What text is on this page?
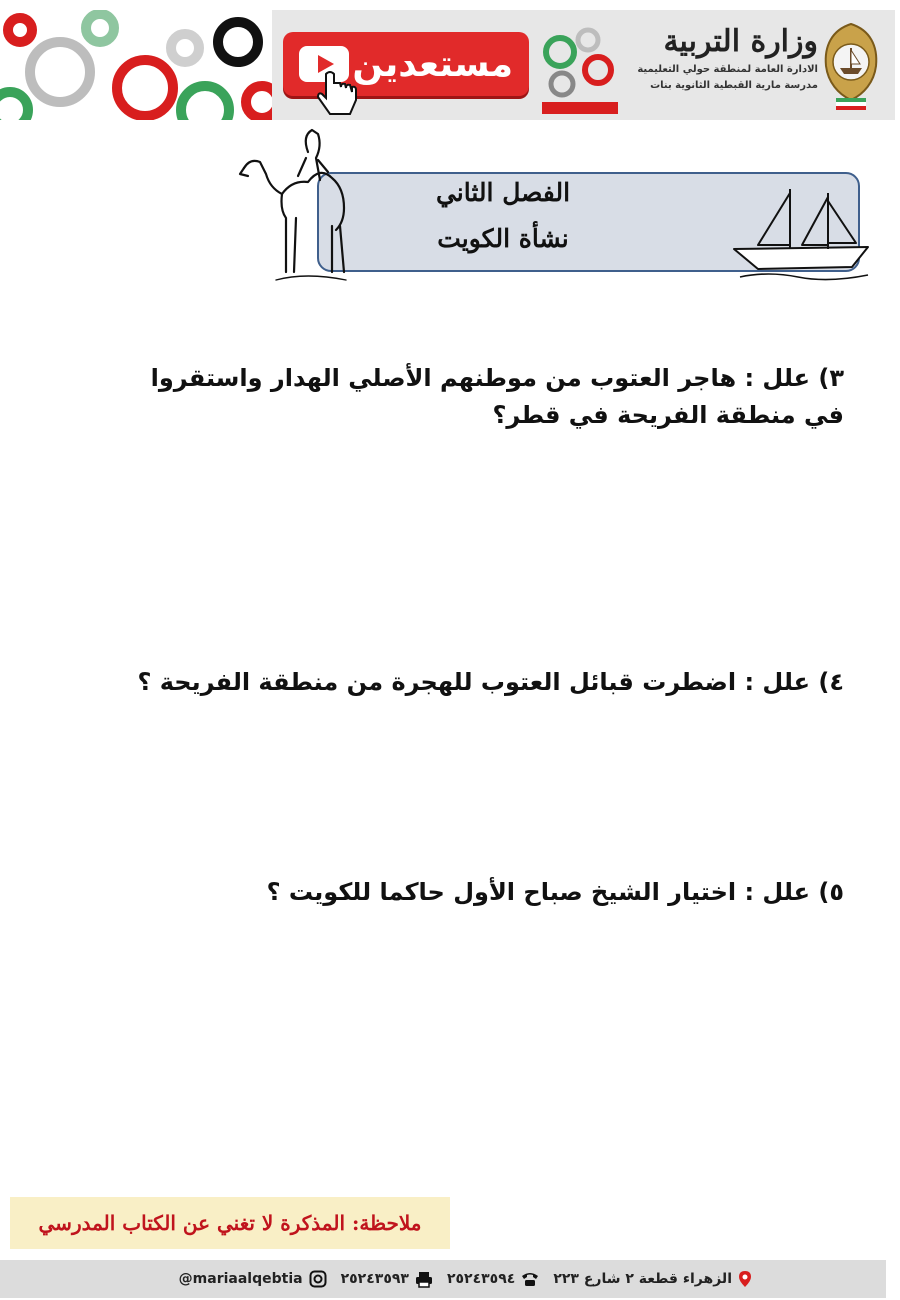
مستعدين
وزارة التربية
الادارة العامة لمنطقة حولي التعليمية
مدرسة مارية القبطية الثانوية بنات
الفصل الثاني
نشأة الكويت
٣) علل : هاجر العتوب من موطنهم الأصلي الهدار واستقروا في منطقة الفريحة في قطر؟
٤) علل : اضطرت قبائل العتوب للهجرة من منطقة الفريحة ؟
٥) علل : اختيار الشيخ صباح الأول حاكما للكويت ؟
ملاحظة: المذكرة لا تغني عن الكتاب المدرسي
@mariaalqebtia	٢٥٢٤٣٥٩٣	٢٥٢٤٣٥٩٤	الزهراء قطعة ٢ شارع ٢٢٣
